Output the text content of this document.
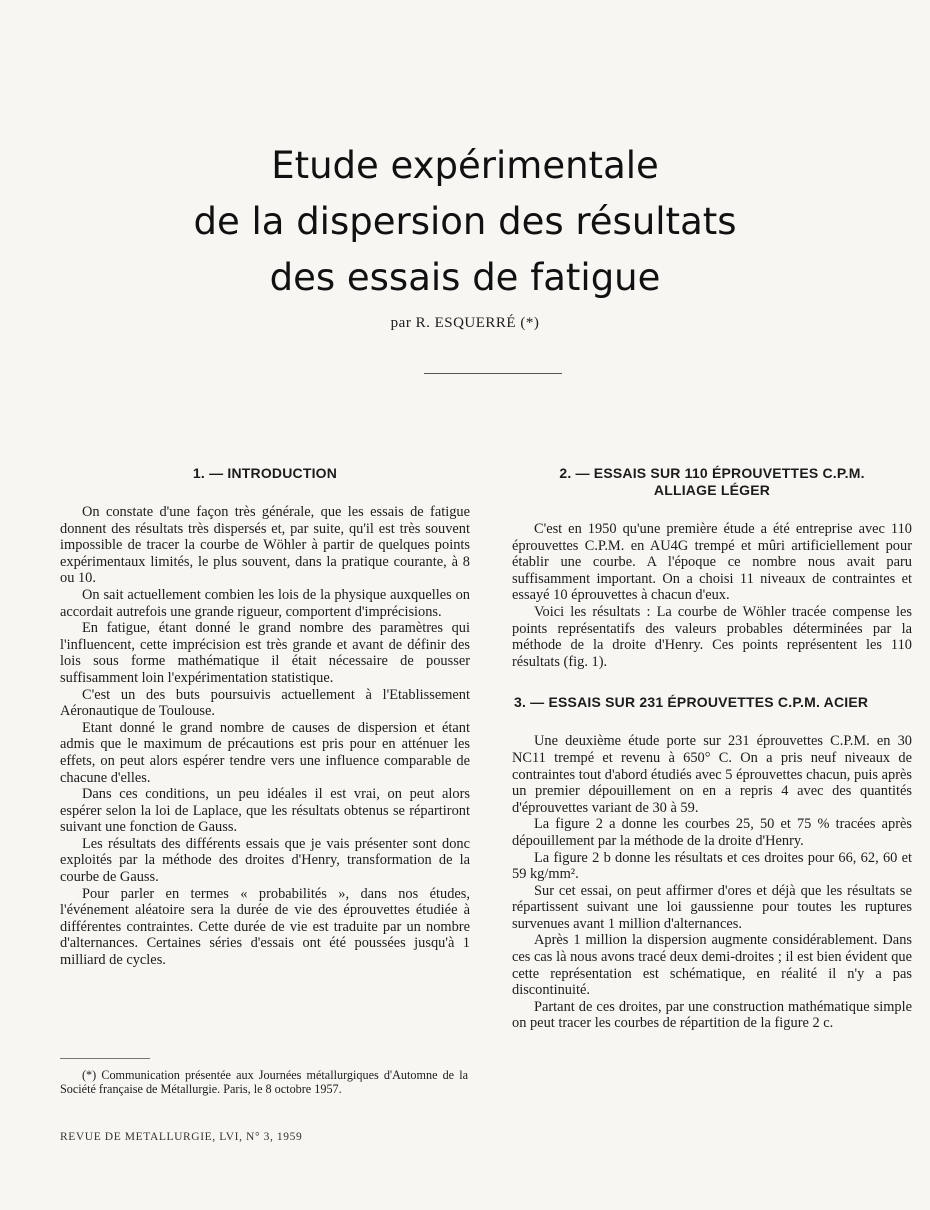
Etude expérimentale
de la dispersion des résultats
des essais de fatigue
par R. ESQUERRÉ (*)
1. — INTRODUCTION

On constate d'une façon très générale, que les essais de fatigue donnent des résultats très dispersés et, par suite, qu'il est très souvent impossible de tracer la courbe de Wöhler à partir de quelques points expérimentaux limités, le plus souvent, dans la pratique courante, à 8 ou 10.

On sait actuellement combien les lois de la physique auxquelles on accordait autrefois une grande rigueur, comportent d'imprécisions.

En fatigue, étant donné le grand nombre des paramètres qui l'influencent, cette imprécision est très grande et avant de définir des lois sous forme mathématique il était nécessaire de pousser suffisamment loin l'expérimentation statistique.

C'est un des buts poursuivis actuellement à l'Etablissement Aéronautique de Toulouse.

Etant donné le grand nombre de causes de dispersion et étant admis que le maximum de précautions est pris pour en atténuer les effets, on peut alors espérer tendre vers une influence comparable de chacune d'elles.

Dans ces conditions, un peu idéales il est vrai, on peut alors espérer selon la loi de Laplace, que les résultats obtenus se répartiront suivant une fonction de Gauss.

Les résultats des différents essais que je vais présenter sont donc exploités par la méthode des droites d'Henry, transformation de la courbe de Gauss.

Pour parler en termes « probabilités », dans nos études, l'événement aléatoire sera la durée de vie des éprouvettes étudiée à différentes contraintes. Cette durée de vie est traduite par un nombre d'alternances. Certaines séries d'essais ont été poussées jusqu'à 1 milliard de cycles.

2. — ESSAIS SUR 110 ÉPROUVETTES C.P.M.
ALLIAGE LÉGER

C'est en 1950 qu'une première étude a été entreprise avec 110 éprouvettes C.P.M. en AU4G trempé et mûri artificiellement pour établir une courbe. A l'époque ce nombre nous avait paru suffisamment important. On a choisi 11 niveaux de contraintes et essayé 10 éprouvettes à chacun d'eux.

Voici les résultats : La courbe de Wöhler tracée compense les points représentatifs des valeurs probables déterminées par la méthode de la droite d'Henry. Ces points représentent les 110 résultats (fig. 1).

3. — ESSAIS SUR 231 ÉPROUVETTES C.P.M. ACIER

Une deuxième étude porte sur 231 éprouvettes C.P.M. en 30 NC11 trempé et revenu à 650° C. On a pris neuf niveaux de contraintes tout d'abord étudiés avec 5 éprouvettes chacun, puis après un premier dépouillement on en a repris 4 avec des quantités d'éprouvettes variant de 30 à 59.

La figure 2 a donne les courbes 25, 50 et 75 % tracées après dépouillement par la méthode de la droite d'Henry.

La figure 2 b donne les résultats et ces droites pour 66, 62, 60 et 59 kg/mm².

Sur cet essai, on peut affirmer d'ores et déjà que les résultats se répartissent suivant une loi gaussienne pour toutes les ruptures survenues avant 1 million d'alternances.

Après 1 million la dispersion augmente considérablement. Dans ces cas là nous avons tracé deux demi-droites ; il est bien évident que cette représentation est schématique, en réalité il n'y a pas discontinuité.

Partant de ces droites, par une construction mathématique simple on peut tracer les courbes de répartition de la figure 2 c.

(*) Communication présentée aux Journées métallurgiques d'Automne de la Société française de Métallurgie. Paris, le 8 octobre 1957.
REVUE DE METALLURGIE, LVI, N° 3, 1959
